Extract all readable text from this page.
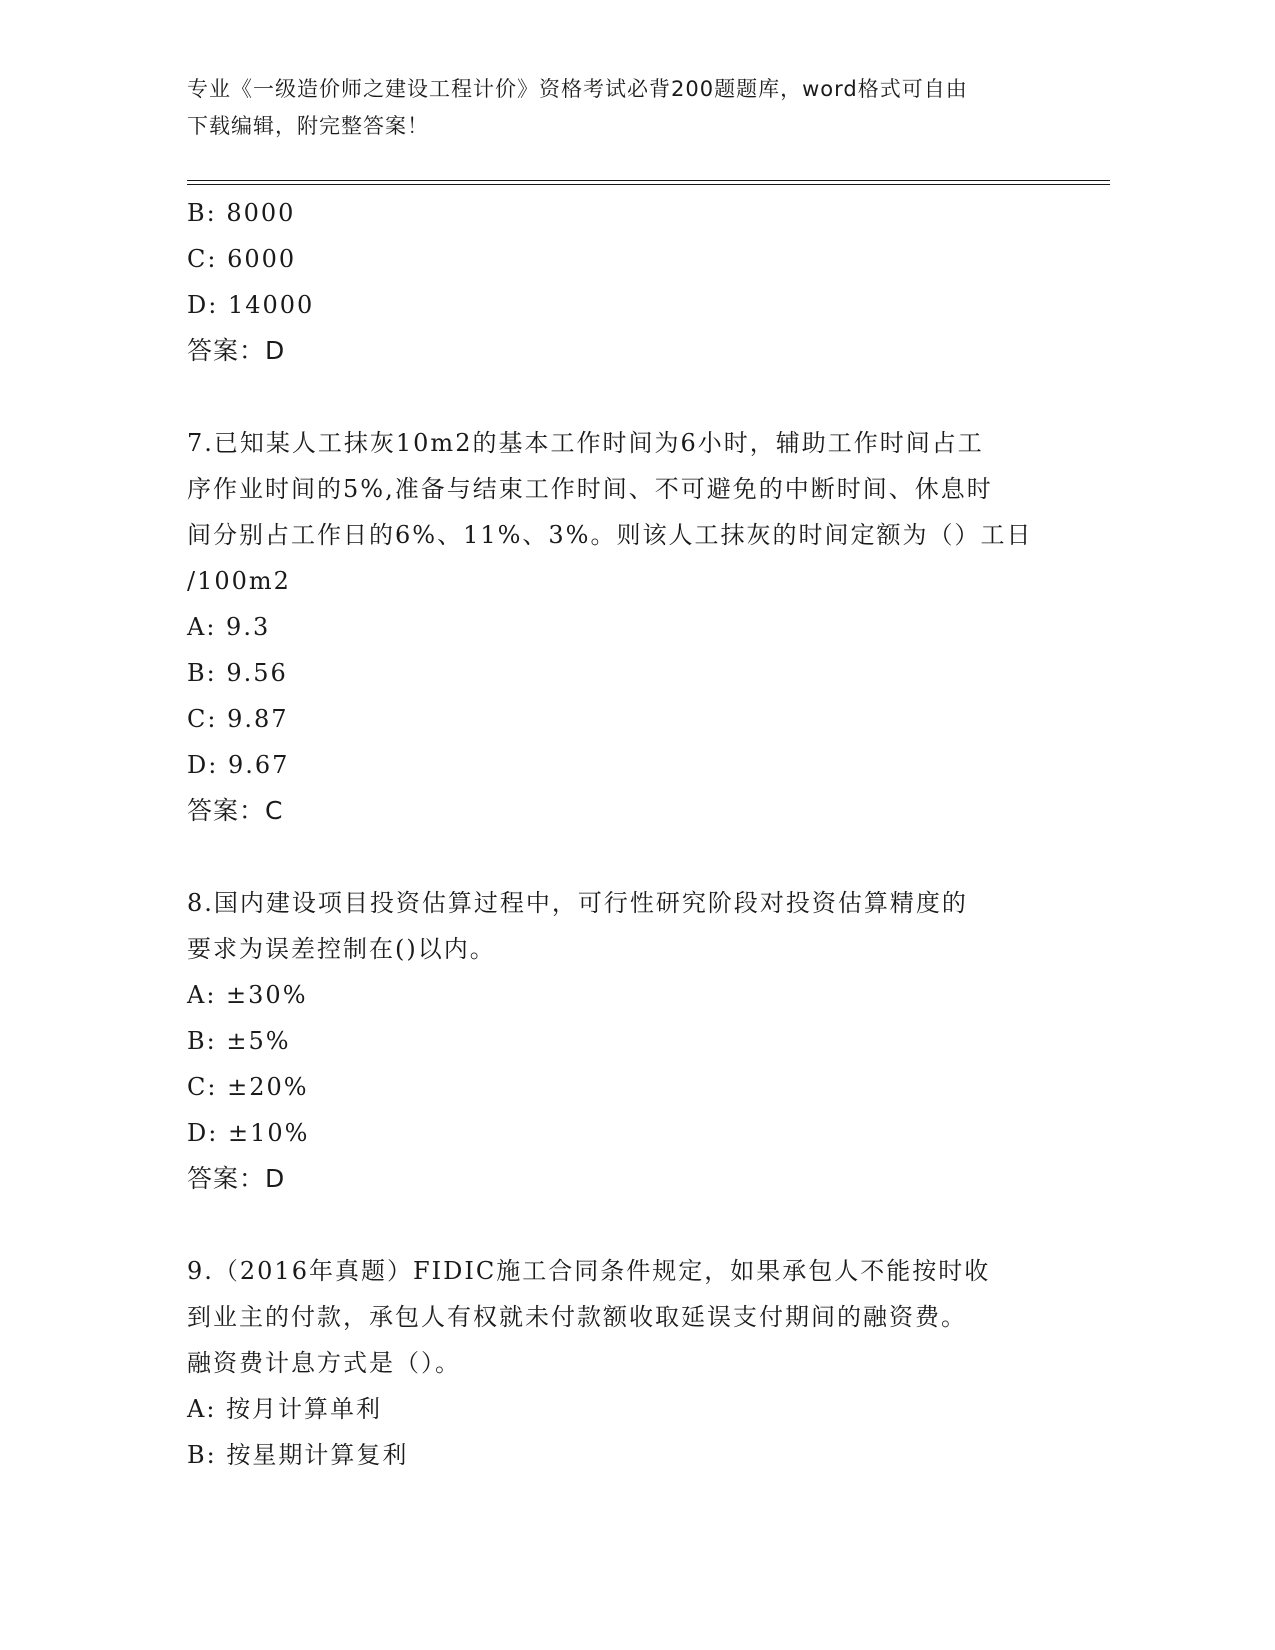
专业《一级造价师之建设工程计价》资格考试必背200题题库，word格式可自由
下载编辑，附完整答案！
B: 8000
C: 6000
D: 14000
答案：D
7.已知某人工抹灰10m2的基本工作时间为6小时，辅助工作时间占工
序作业时间的5%,准备与结束工作时间、不可避免的中断时间、休息时
间分别占工作日的6%、11%、3%。则该人工抹灰的时间定额为（）工日
/100m2
A: 9.3
B: 9.56
C: 9.87
D: 9.67
答案：C
8.国内建设项目投资估算过程中，可行性研究阶段对投资估算精度的
要求为误差控制在()以内。
A: ±30%
B: ±5%
C: ±20%
D: ±10%
答案：D
9.（2016年真题）FIDIC施工合同条件规定，如果承包人不能按时收
到业主的付款，承包人有权就未付款额收取延误支付期间的融资费。
融资费计息方式是（）。
A: 按月计算单利
B: 按星期计算复利
